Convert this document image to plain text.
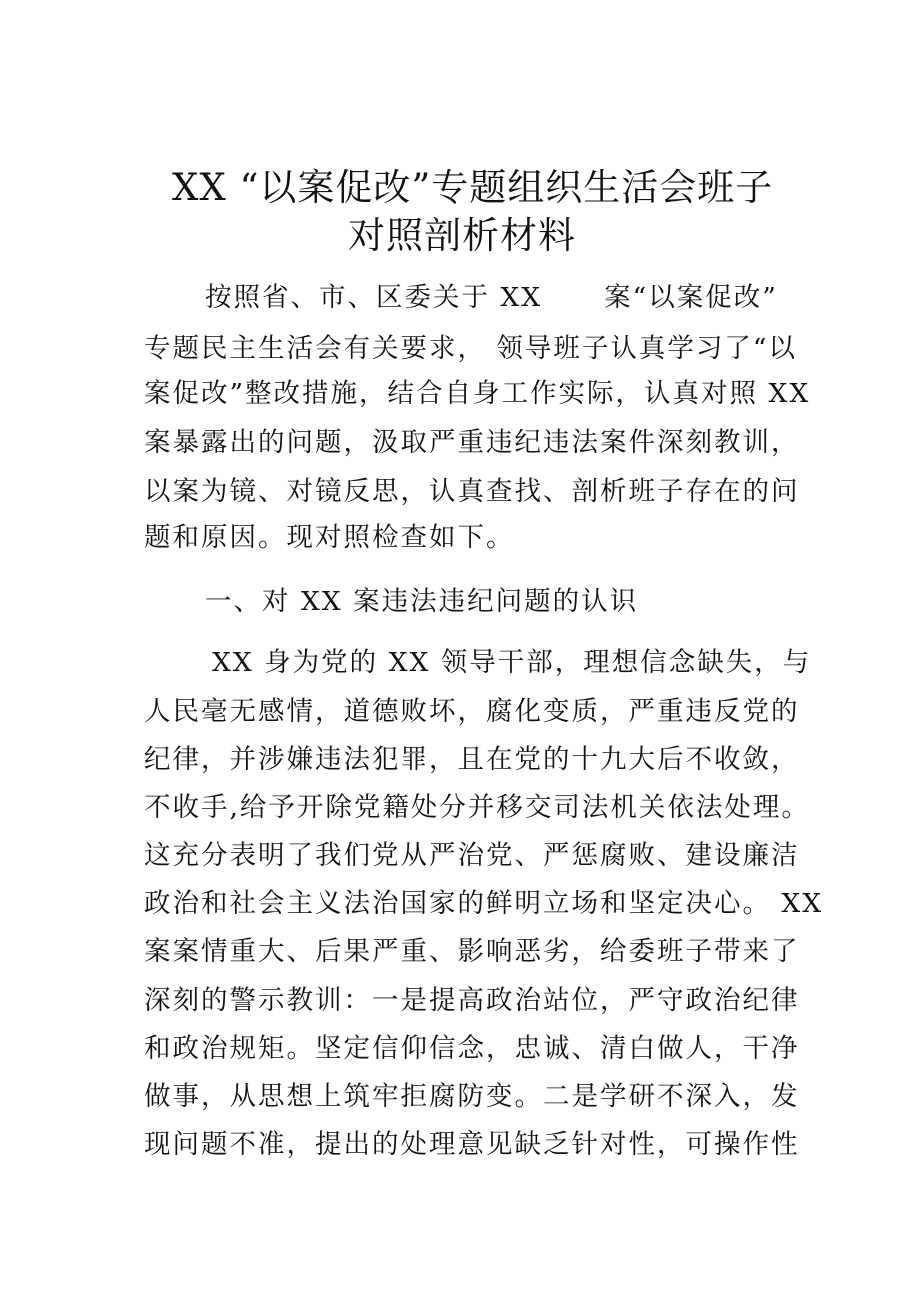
XX “以案促改”专题组织生活会班子
对照剖析材料
按照省、市、区委关于 XX 案“以案促改”
专题民主生活会有关要求， 领导班子认真学习了“以
案促改”整改措施，结合自身工作实际，认真对照 XX
案暴露出的问题，汲取严重违纪违法案件深刻教训，
以案为镜、对镜反思，认真查找、剖析班子存在的问
题和原因。现对照检查如下。
一、对 XX 案违法违纪问题的认识
XX 身为党的 XX 领导干部，理想信念缺失，与
人民毫无感情，道德败坏，腐化变质，严重违反党的
纪律，并涉嫌违法犯罪，且在党的十九大后不收敛，
不收手,给予开除党籍处分并移交司法机关依法处理。
这充分表明了我们党从严治党、严惩腐败、建设廉洁
政治和社会主义法治国家的鲜明立场和坚定决心。 XX
案案情重大、后果严重、影响恶劣，给委班子带来了
深刻的警示教训：一是提高政治站位，严守政治纪律
和政治规矩。坚定信仰信念，忠诚、清白做人，干净
做事，从思想上筑牢拒腐防变。二是学研不深入，发
现问题不准，提出的处理意见缺乏针对性，可操作性
